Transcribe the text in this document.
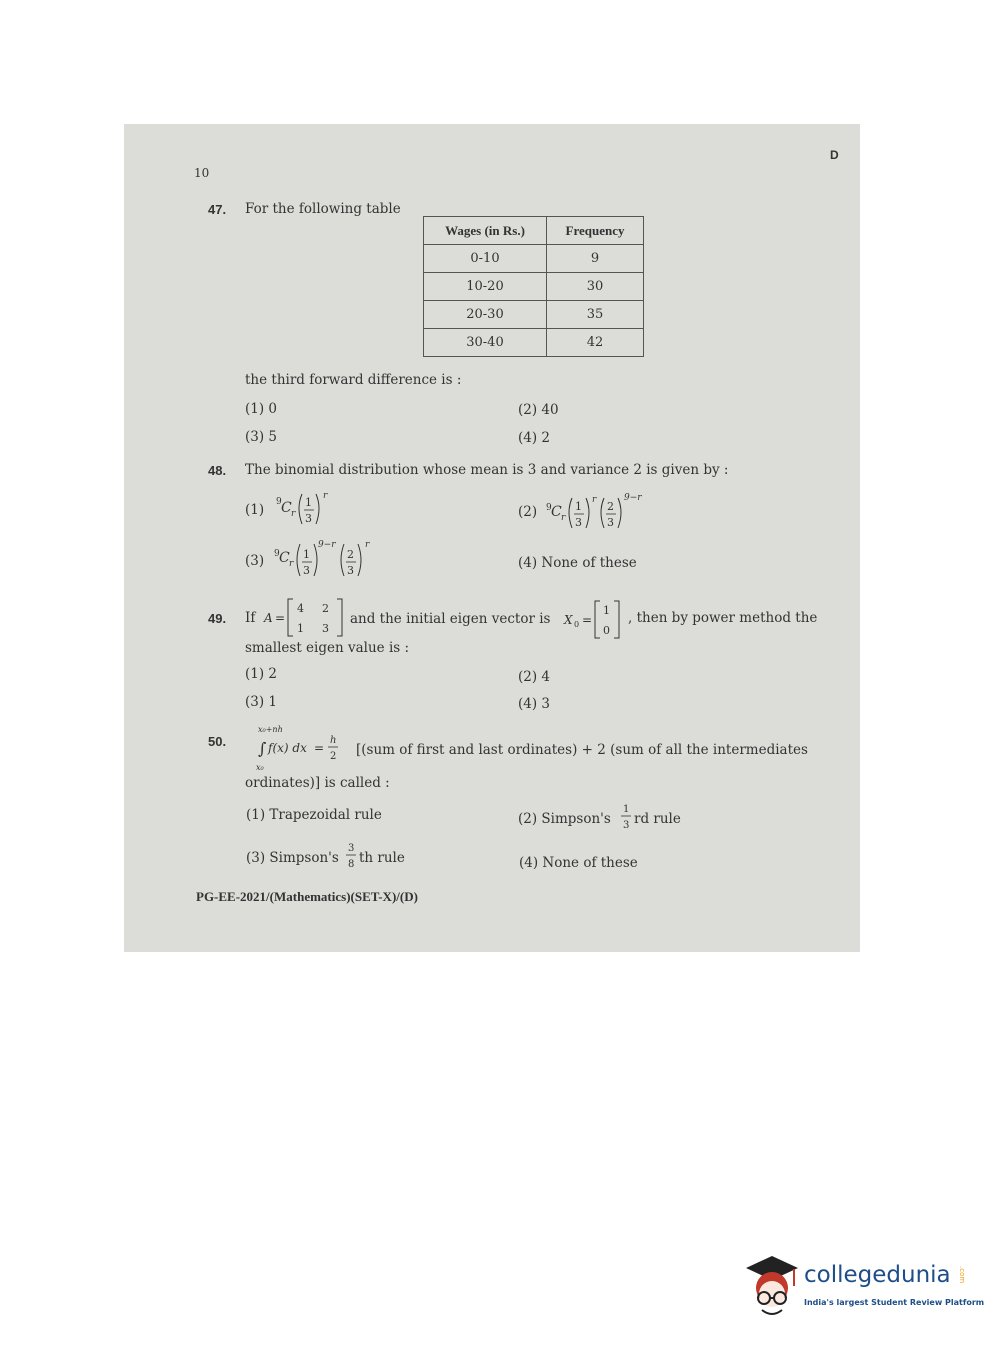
10
D
47. For the following table
Wages (in Rs.)	Frequency
0-10	9
10-20	30
20-30	35
30-40	42
the third forward difference is :
(1) 0	(2) 40
(3) 5	(4) 2
48. The binomial distribution whose mean is 3 and variance 2 is given by :
(1) 9 C r
1
3
r
(2) 9 C r
1
3
r 2
3
9−r
(3) 9 C r
1
3
9−r
2
3
r
(4) None of these
49. If A =
4 2
1 3
and the initial eigen vector is X 0 =
1
0
, then by power method the
smallest eigen value is :
(1) 2	(2) 4
(3) 1	(4) 3
50.
x₀+nh
∫ f(x) dx =
h
2
x₀
[(sum of first and last ordinates) + 2 (sum of all the intermediates
ordinates)] is called :
(1) Trapezoidal rule	(2) Simpson's
1
3 rd rule
(3) Simpson's
3
8 th rule	(4) None of these
PG-EE-2021/(Mathematics)(SET-X)/(D)
collegedunia .com
India's largest Student Review Platform
